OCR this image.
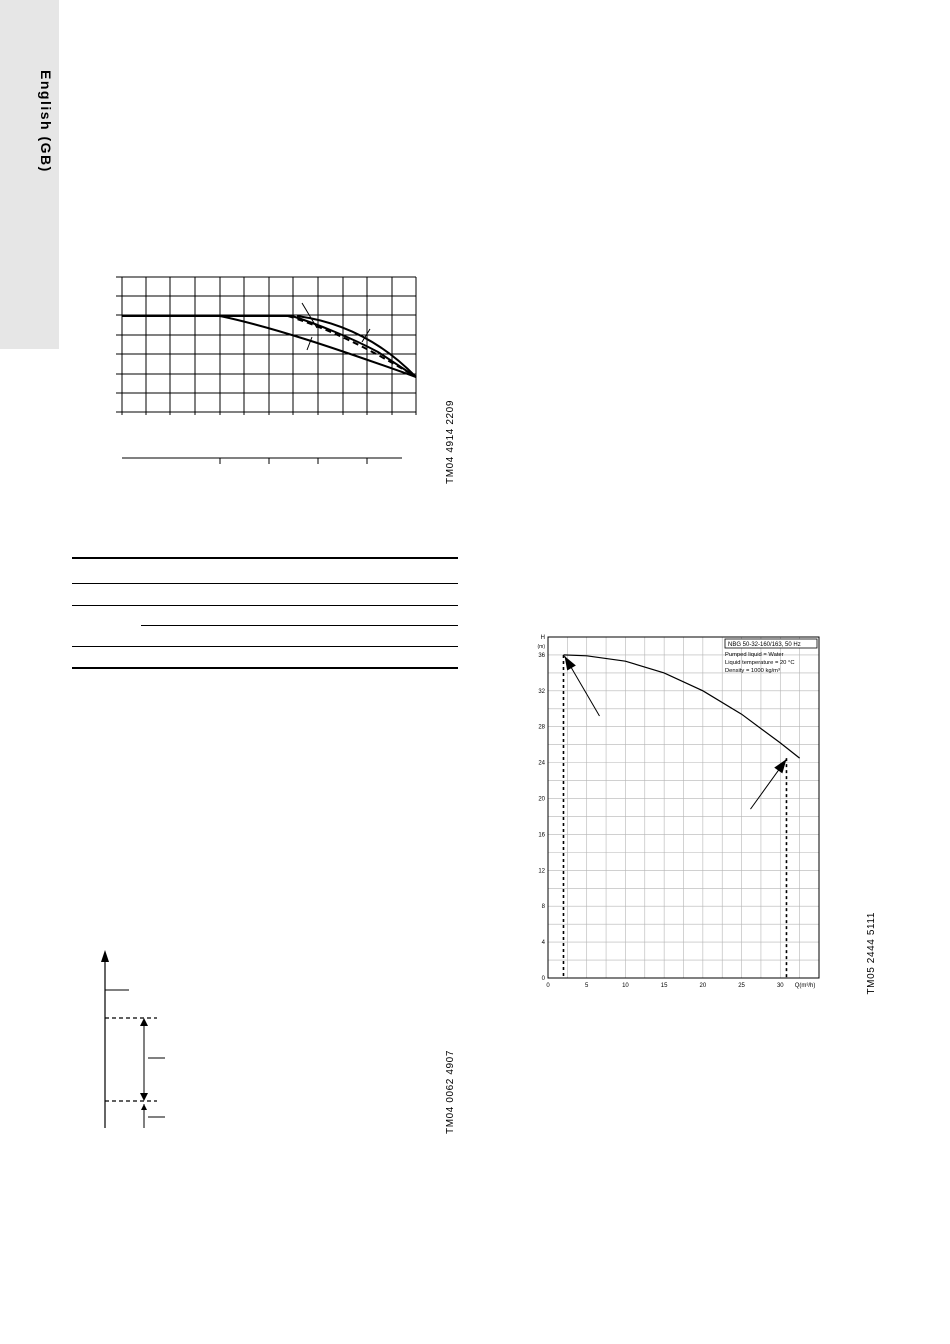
English (GB)
TM04 4914 2209
TM04 0062 4907
0
4
8
12
16
20
24
28
32
36
0	5	10	15	20	25	30 Q(m³/h)
H
(m)	NBG 50-32-160/163, 50 Hz
Pumped liquid = Water
Liquid temperature = 20 °C
Density = 1000 kg/m³
TM05 2444 5111
